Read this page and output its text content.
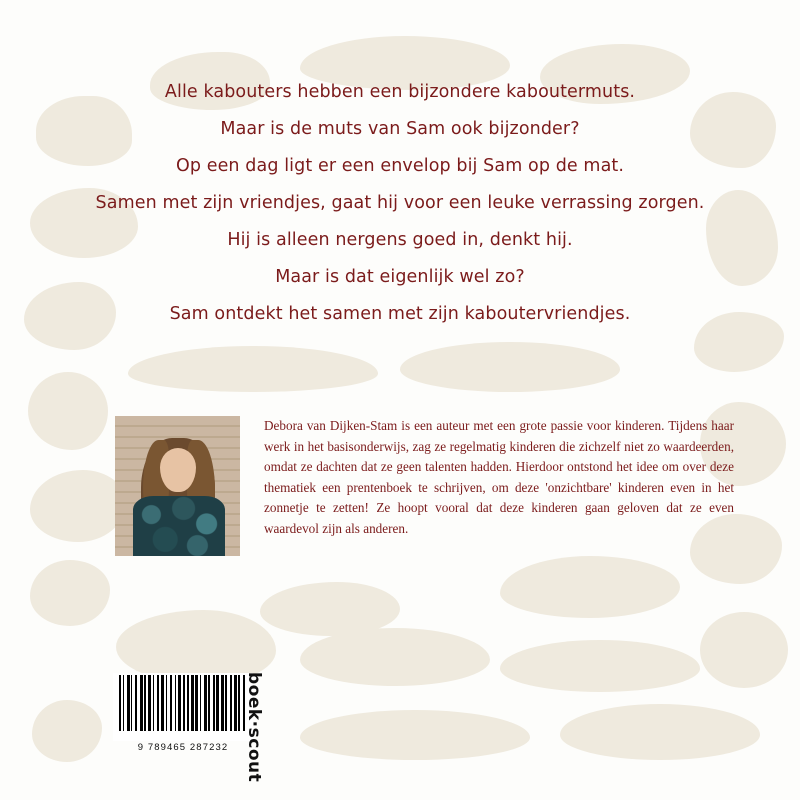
Alle kabouters hebben een bijzondere kaboutermuts.
Maar is de muts van Sam ook bijzonder?
Op een dag ligt er een envelop bij Sam op de mat.
Samen met zijn vriendjes, gaat hij voor een leuke verrassing zorgen.
Hij is alleen nergens goed in, denkt hij.
Maar is dat eigenlijk wel zo?
Sam ontdekt het samen met zijn kaboutervriendjes.
Debora van Dijken-Stam is een auteur met een grote passie voor kinderen. Tijdens haar werk in het basisonderwijs, zag ze regelmatig kinderen die zichzelf niet zo waardeerden, omdat ze dachten dat ze geen talenten hadden. Hierdoor ontstond het idee om over deze thematiek een prentenboek te schrijven, om deze 'onzichtbare' kinderen even in het zonnetje te zetten! Ze hoopt vooral dat deze kinderen gaan geloven dat ze even waardevol zijn als anderen.
9 789465 287232 boek·scout
